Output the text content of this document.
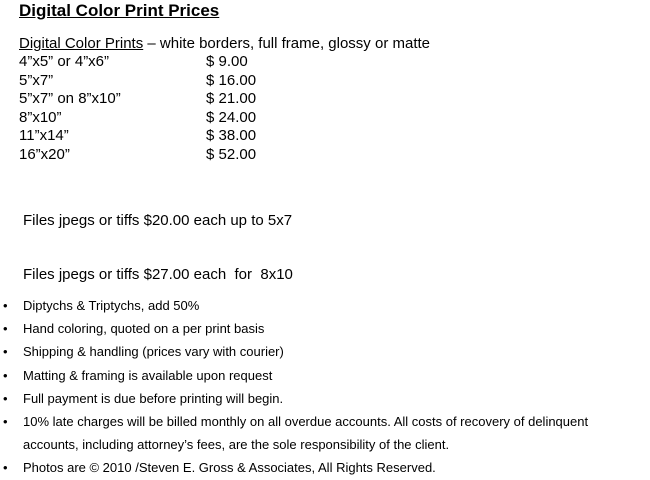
Digital Color Print Prices
Digital Color Prints – white borders, full frame, glossy or matte
4”x5” or 4”x6”	$ 9.00
5”x7”	$ 16.00
5”x7” on 8”x10”	$ 21.00
8”x10”	$ 24.00
11”x14”	$ 38.00
16”x20”	$ 52.00

Files jpegs or tiffs $20.00 each up to 5x7

Files jpegs or tiffs $27.00 each  for  8x10

• Diptychs & Triptychs, add 50%
• Hand coloring, quoted on a per print basis
• Shipping & handling (prices vary with courier)
• Matting & framing is available upon request
• Full payment is due before printing will begin.
• 10% late charges will be billed monthly on all overdue accounts. All costs of recovery of delinquent accounts, including attorney’s fees, are the sole responsibility of the client.
• Photos are © 2010 /Steven E. Gross & Associates, All Rights Reserved.
